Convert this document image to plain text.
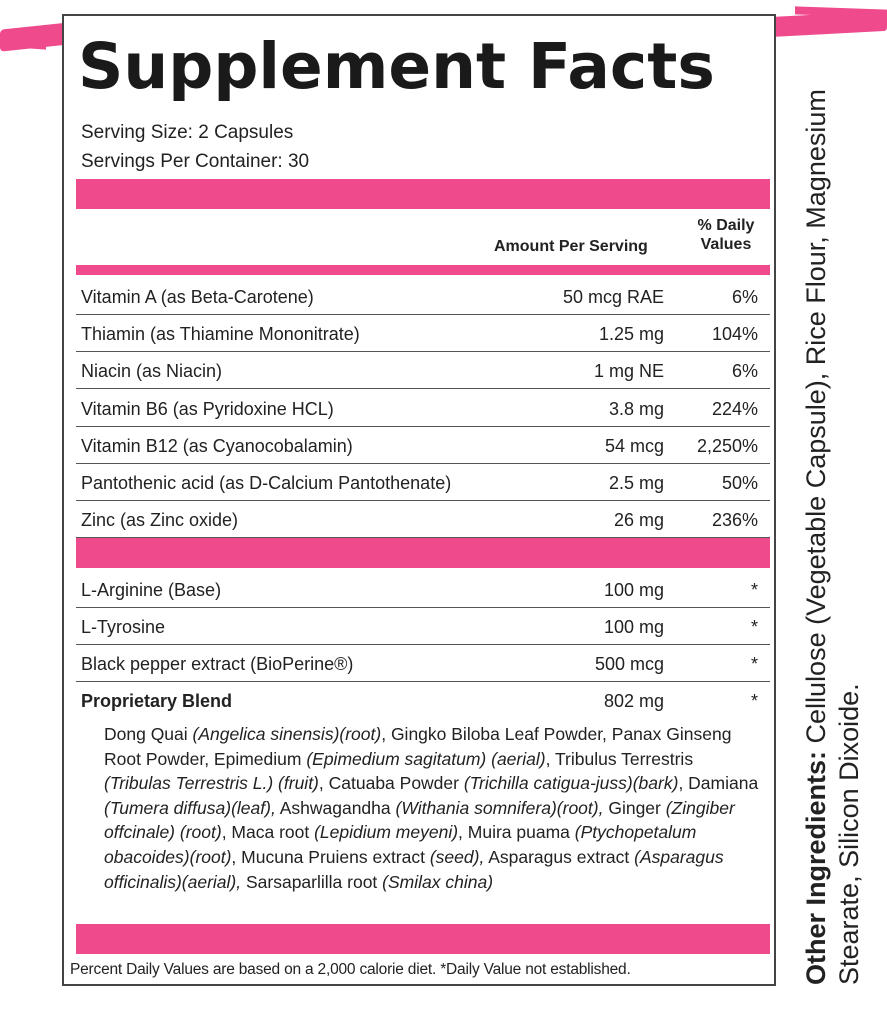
Supplement Facts
Serving Size: 2 Capsules
Servings Per Container: 30
Amount Per Serving
% Daily
Values
Vitamin A (as Beta-Carotene)	50 mcg RAE	6%
Thiamin (as Thiamine Mononitrate)	1.25 mg	104%
Niacin (as Niacin)	1 mg NE	6%
Vitamin B6 (as Pyridoxine HCL)	3.8 mg	224%
Vitamin B12 (as Cyanocobalamin)	54 mcg 2,250%
Pantothenic acid (as D-Calcium Pantothenate)	2.5 mg	50%
Zinc (as Zinc oxide)	26 mg	236%
L-Arginine (Base)	100 mg	*
L-Tyrosine	100 mg	*
Black pepper extract (BioPerine®)	500 mcg	*
Proprietary Blend	802 mg	*
Dong Quai (Angelica sinensis)(root), Gingko Biloba Leaf Powder, Panax Ginseng Root Powder, Epimedium (Epimedium sagitatum) (aerial), Tribulus Terrestris (Tribulas Terrestris L.) (fruit), Catuaba Powder (Trichilla catigua-juss)(bark), Damiana (Tumera diffusa)(leaf), Ashwagandha (Withania somnifera)(root), Ginger (Zingiber offcinale) (root), Maca root (Lepidium meyeni), Muira puama (Ptychopetalum obacoides)(root), Mucuna Pruiens extract (seed), Asparagus extract (Asparagus officinalis)(aerial), Sarsaparlilla root (Smilax china)
Percent Daily Values are based on a 2,000 calorie diet. *Daily Value not established.	Other Ingredients: Cellulose (Vegetable Capsule), Rice Flour, Magnesium Stearate, Silicon Dixoide.
